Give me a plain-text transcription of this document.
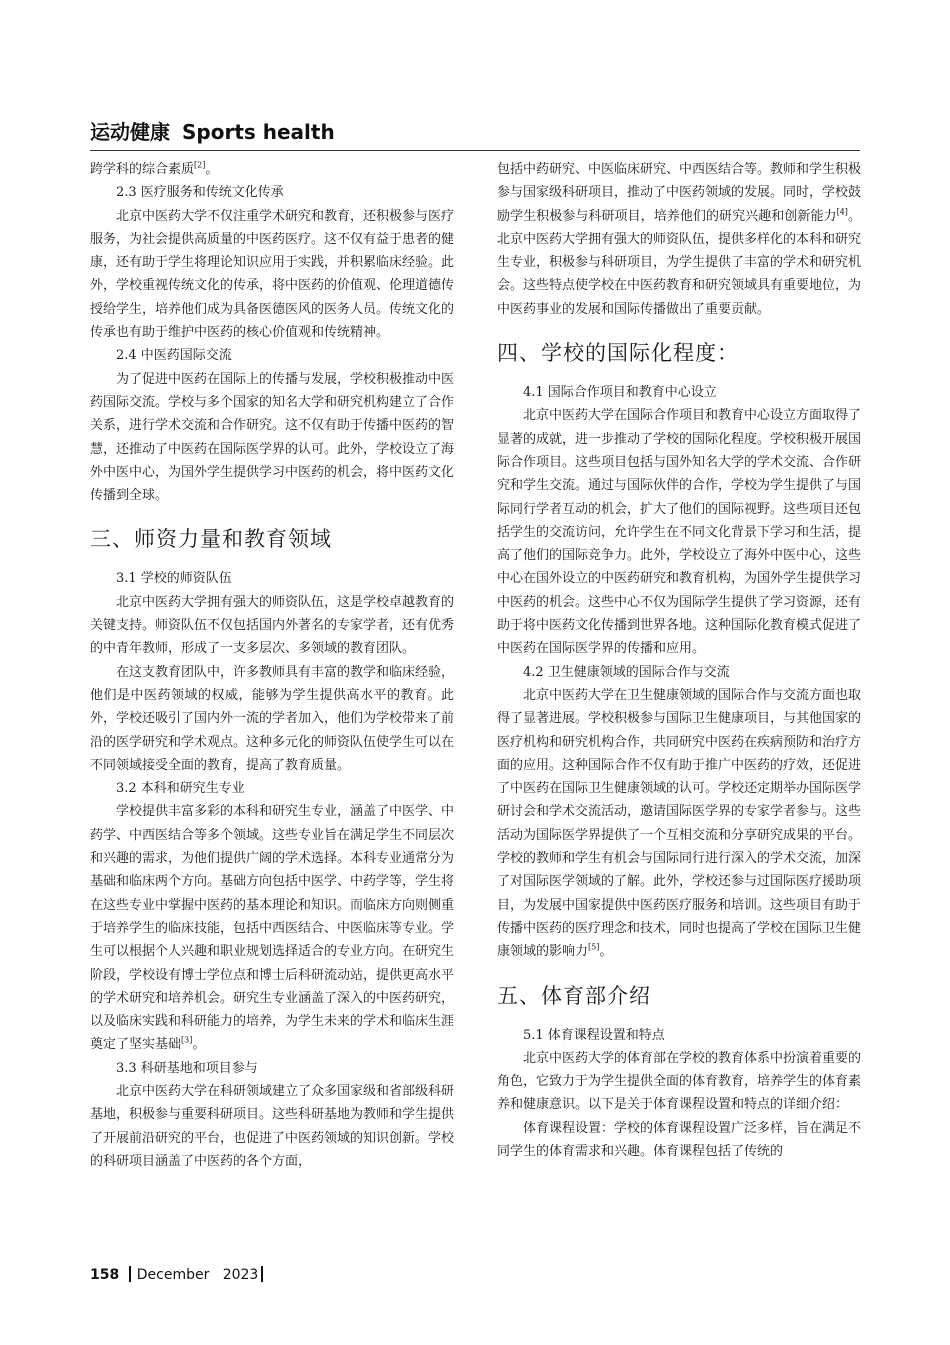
运动健康 Sports health

跨学科的综合素质[2]。

2.3 医疗服务和传统文化传承

北京中医药大学不仅注重学术研究和教育，还积极参与医疗服务，为社会提供高质量的中医药医疗。这不仅有益于患者的健康，还有助于学生将理论知识应用于实践，并积累临床经验。此外，学校重视传统文化的传承，将中医药的价值观、伦理道德传授给学生，培养他们成为具备医德医风的医务人员。传统文化的传承也有助于维护中医药的核心价值观和传统精神。

2.4 中医药国际交流

为了促进中医药在国际上的传播与发展，学校积极推动中医药国际交流。学校与多个国家的知名大学和研究机构建立了合作关系，进行学术交流和合作研究。这不仅有助于传播中医药的智慧，还推动了中医药在国际医学界的认可。此外，学校设立了海外中医中心，为国外学生提供学习中医药的机会，将中医药文化传播到全球。

三、师资力量和教育领域
3.1 学校的师资队伍

北京中医药大学拥有强大的师资队伍，这是学校卓越教育的关键支持。师资队伍不仅包括国内外著名的专家学者，还有优秀的中青年教师，形成了一支多层次、多领域的教育团队。

在这支教育团队中，许多教师具有丰富的教学和临床经验，他们是中医药领域的权威，能够为学生提供高水平的教育。此外，学校还吸引了国内外一流的学者加入，他们为学校带来了前沿的医学研究和学术观点。这种多元化的师资队伍使学生可以在不同领域接受全面的教育，提高了教育质量。

3.2 本科和研究生专业

学校提供丰富多彩的本科和研究生专业，涵盖了中医学、中药学、中西医结合等多个领域。这些专业旨在满足学生不同层次和兴趣的需求，为他们提供广阔的学术选择。本科专业通常分为基础和临床两个方向。基础方向包括中医学、中药学等，学生将在这些专业中掌握中医药的基本理论和知识。而临床方向则侧重于培养学生的临床技能，包括中西医结合、中医临床等专业。学生可以根据个人兴趣和职业规划选择适合的专业方向。在研究生阶段，学校设有博士学位点和博士后科研流动站，提供更高水平的学术研究和培养机会。研究生专业涵盖了深入的中医药研究，以及临床实践和科研能力的培养，为学生未来的学术和临床生涯奠定了坚实基础[3]。

3.3 科研基地和项目参与

北京中医药大学在科研领域建立了众多国家级和省部级科研基地，积极参与重要科研项目。这些科研基地为教师和学生提供了开展前沿研究的平台，也促进了中医药领域的知识创新。学校的科研项目涵盖了中医药的各个方面，

包括中药研究、中医临床研究、中西医结合等。教师和学生积极参与国家级科研项目，推动了中医药领域的发展。同时，学校鼓励学生积极参与科研项目，培养他们的研究兴趣和创新能力[4]。北京中医药大学拥有强大的师资队伍，提供多样化的本科和研究生专业，积极参与科研项目，为学生提供了丰富的学术和研究机会。这些特点使学校在中医药教育和研究领域具有重要地位，为中医药事业的发展和国际传播做出了重要贡献。

四、学校的国际化程度：
4.1 国际合作项目和教育中心设立

北京中医药大学在国际合作项目和教育中心设立方面取得了显著的成就，进一步推动了学校的国际化程度。学校积极开展国际合作项目。这些项目包括与国外知名大学的学术交流、合作研究和学生交流。通过与国际伙伴的合作，学校为学生提供了与国际同行学者互动的机会，扩大了他们的国际视野。这些项目还包括学生的交流访问，允许学生在不同文化背景下学习和生活，提高了他们的国际竞争力。此外，学校设立了海外中医中心，这些中心在国外设立的中医药研究和教育机构，为国外学生提供学习中医药的机会。这些中心不仅为国际学生提供了学习资源，还有助于将中医药文化传播到世界各地。这种国际化教育模式促进了中医药在国际医学界的传播和应用。

4.2 卫生健康领域的国际合作与交流

北京中医药大学在卫生健康领域的国际合作与交流方面也取得了显著进展。学校积极参与国际卫生健康项目，与其他国家的医疗机构和研究机构合作，共同研究中医药在疾病预防和治疗方面的应用。这种国际合作不仅有助于推广中医药的疗效，还促进了中医药在国际卫生健康领域的认可。学校还定期举办国际医学研讨会和学术交流活动，邀请国际医学界的专家学者参与。这些活动为国际医学界提供了一个互相交流和分享研究成果的平台。学校的教师和学生有机会与国际同行进行深入的学术交流，加深了对国际医学领域的了解。此外，学校还参与过国际医疗援助项目，为发展中国家提供中医药医疗服务和培训。这些项目有助于传播中医药的医疗理念和技术，同时也提高了学校在国际卫生健康领域的影响力[5]。

五、体育部介绍
5.1 体育课程设置和特点

北京中医药大学的体育部在学校的教育体系中扮演着重要的角色，它致力于为学生提供全面的体育教育，培养学生的体育素养和健康意识。以下是关于体育课程设置和特点的详细介绍：

体育课程设置：学校的体育课程设置广泛多样，旨在满足不同学生的体育需求和兴趣。体育课程包括了传统的

158 December 2023
